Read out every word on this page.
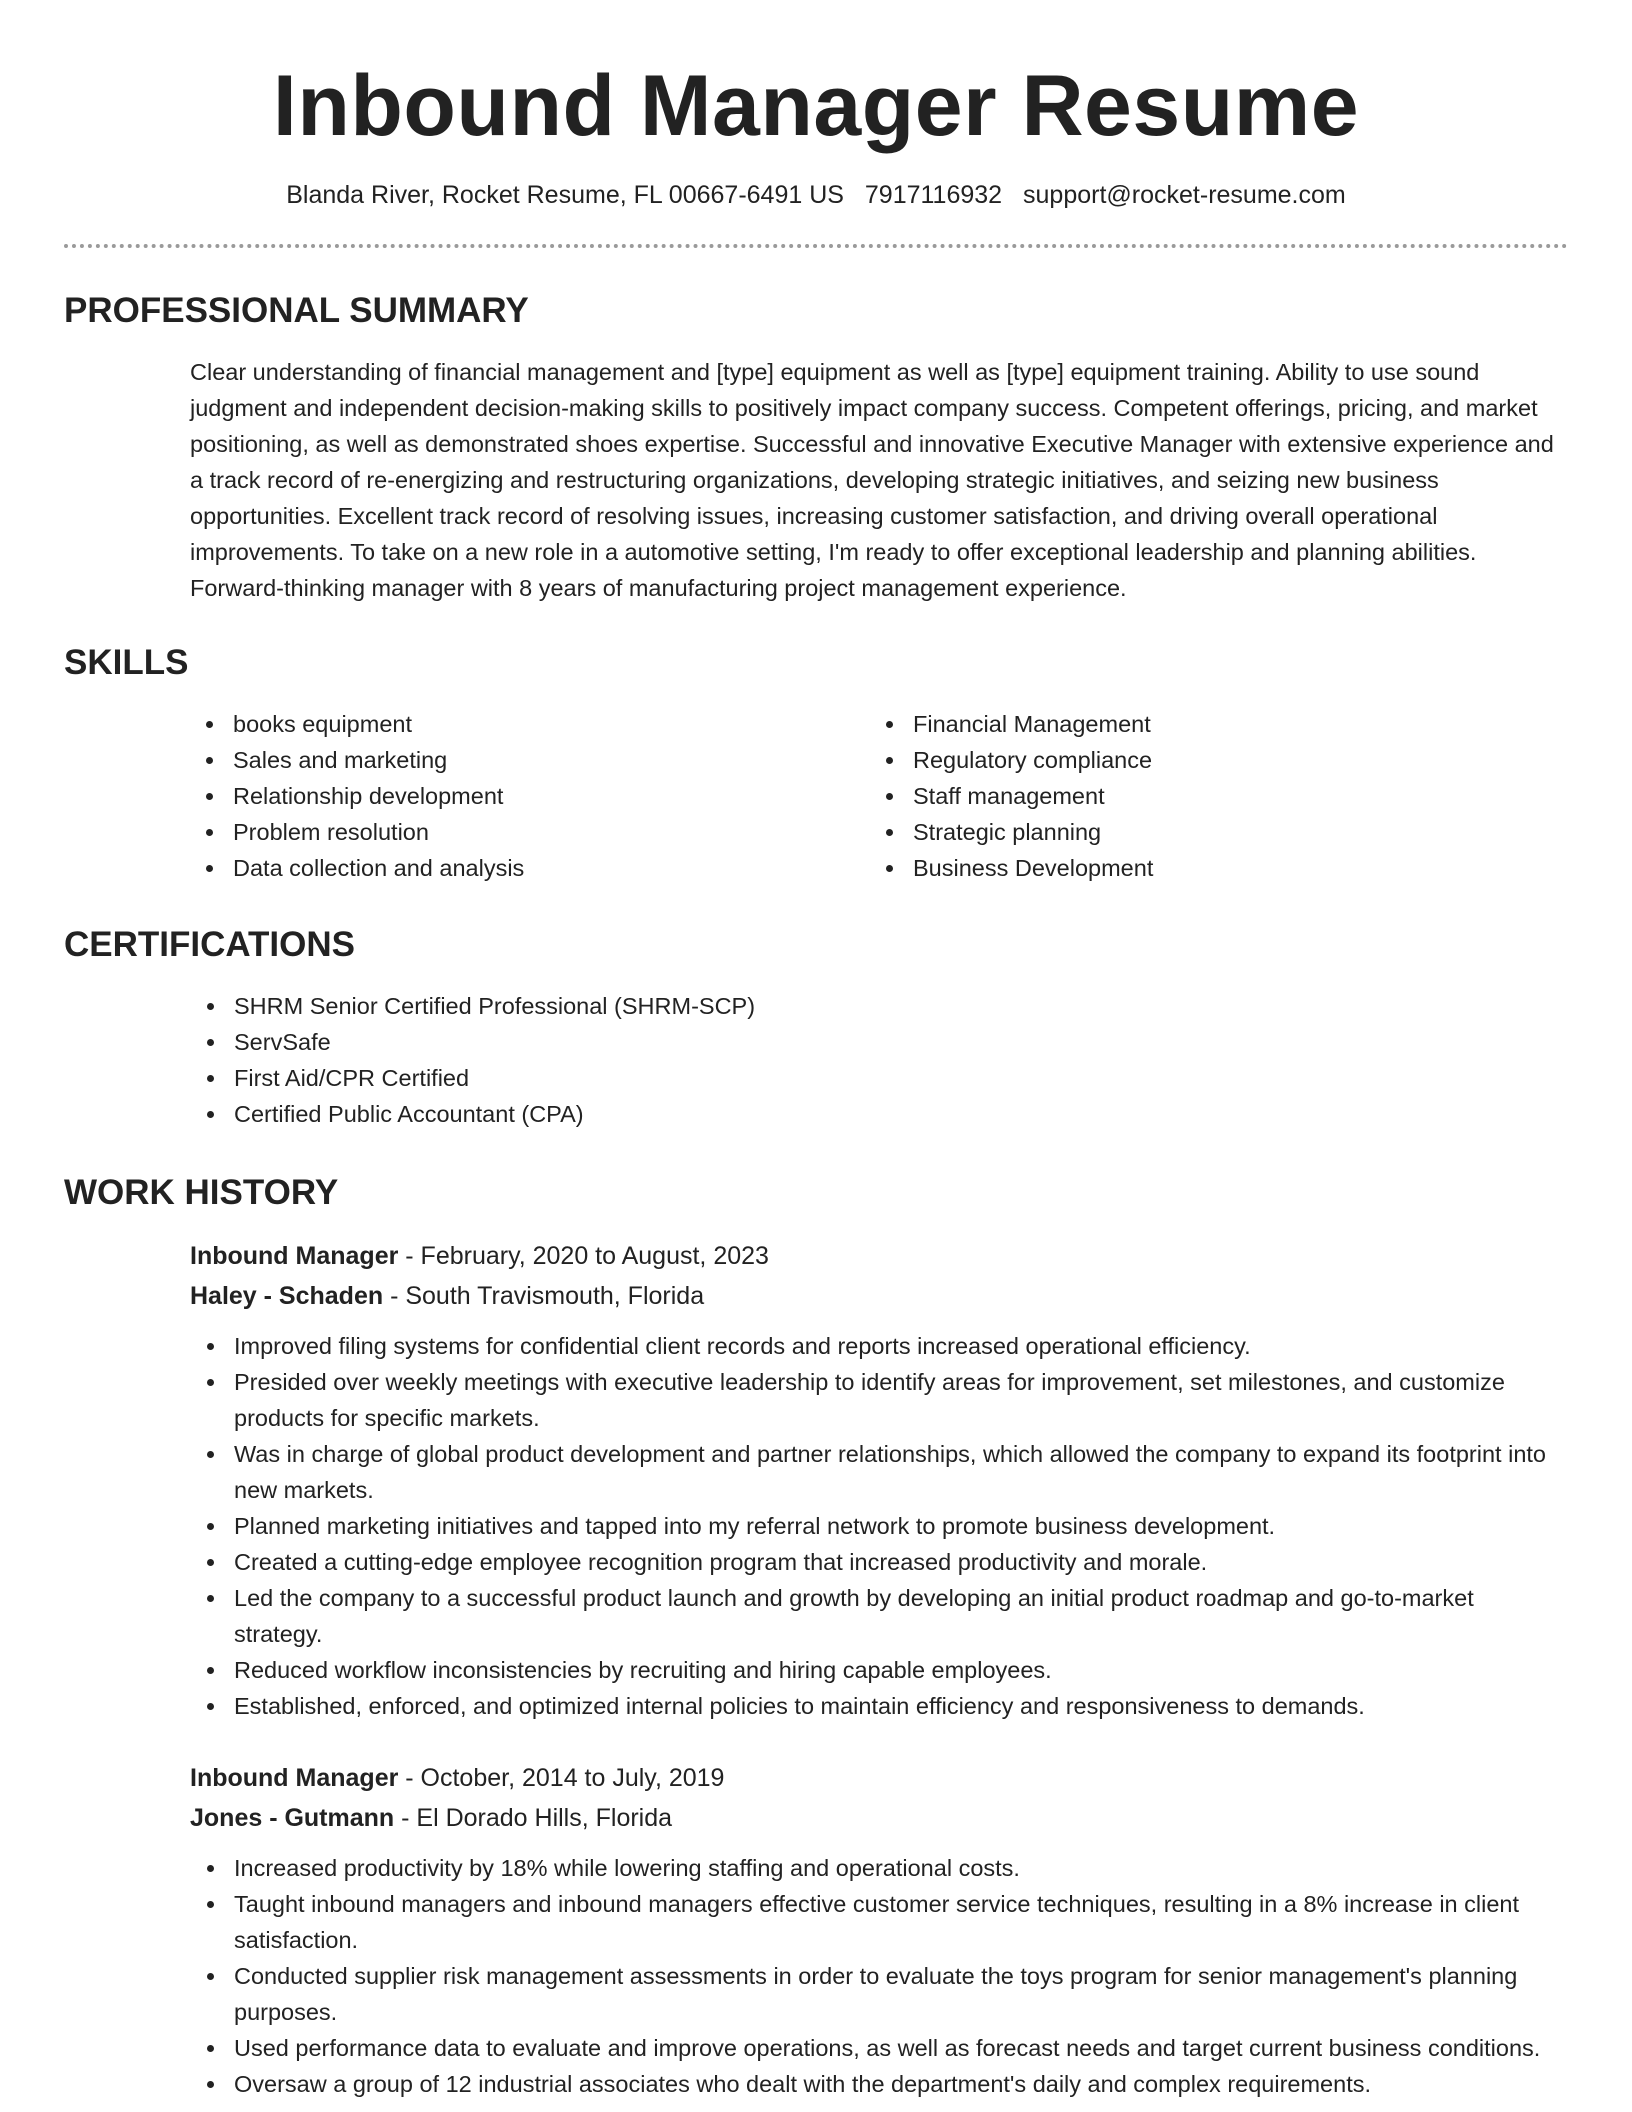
Inbound Manager Resume
Blanda River, Rocket Resume, FL 00667-6491 US 7917116932 support@rocket-resume.com
PROFESSIONAL SUMMARY

Clear understanding of financial management and [type] equipment as well as [type] equipment training. Ability to use sound judgment and independent decision-making skills to positively impact company success. Competent offerings, pricing, and market positioning, as well as demonstrated shoes expertise. Successful and innovative Executive Manager with extensive experience and a track record of re-energizing and restructuring organizations, developing strategic initiatives, and seizing new business opportunities. Excellent track record of resolving issues, increasing customer satisfaction, and driving overall operational improvements. To take on a new role in a automotive setting, I'm ready to offer exceptional leadership and planning abilities. Forward-thinking manager with 8 years of manufacturing project management experience.

SKILLS
books equipment
Sales and marketing
Relationship development
Problem resolution
Data collection and analysis
Financial Management
Regulatory compliance
Staff management
Strategic planning
Business Development
CERTIFICATIONS
SHRM Senior Certified Professional (SHRM-SCP)
ServSafe
First Aid/CPR Certified
Certified Public Accountant (CPA)
WORK HISTORY
Inbound Manager - February, 2020 to August, 2023
Haley - Schaden - South Travismouth, Florida
Improved filing systems for confidential client records and reports increased operational efficiency.
Presided over weekly meetings with executive leadership to identify areas for improvement, set milestones, and customize products for specific markets.
Was in charge of global product development and partner relationships, which allowed the company to expand its footprint into new markets.
Planned marketing initiatives and tapped into my referral network to promote business development.
Created a cutting-edge employee recognition program that increased productivity and morale.
Led the company to a successful product launch and growth by developing an initial product roadmap and go-to-market strategy.
Reduced workflow inconsistencies by recruiting and hiring capable employees.
Established, enforced, and optimized internal policies to maintain efficiency and responsiveness to demands.
Inbound Manager - October, 2014 to July, 2019
Jones - Gutmann - El Dorado Hills, Florida
Increased productivity by 18% while lowering staffing and operational costs.
Taught inbound managers and inbound managers effective customer service techniques, resulting in a 8% increase in client satisfaction.
Conducted supplier risk management assessments in order to evaluate the toys program for senior management's planning purposes.
Used performance data to evaluate and improve operations, as well as forecast needs and target current business conditions.
Oversaw a group of 12 industrial associates who dealt with the department's daily and complex requirements.
